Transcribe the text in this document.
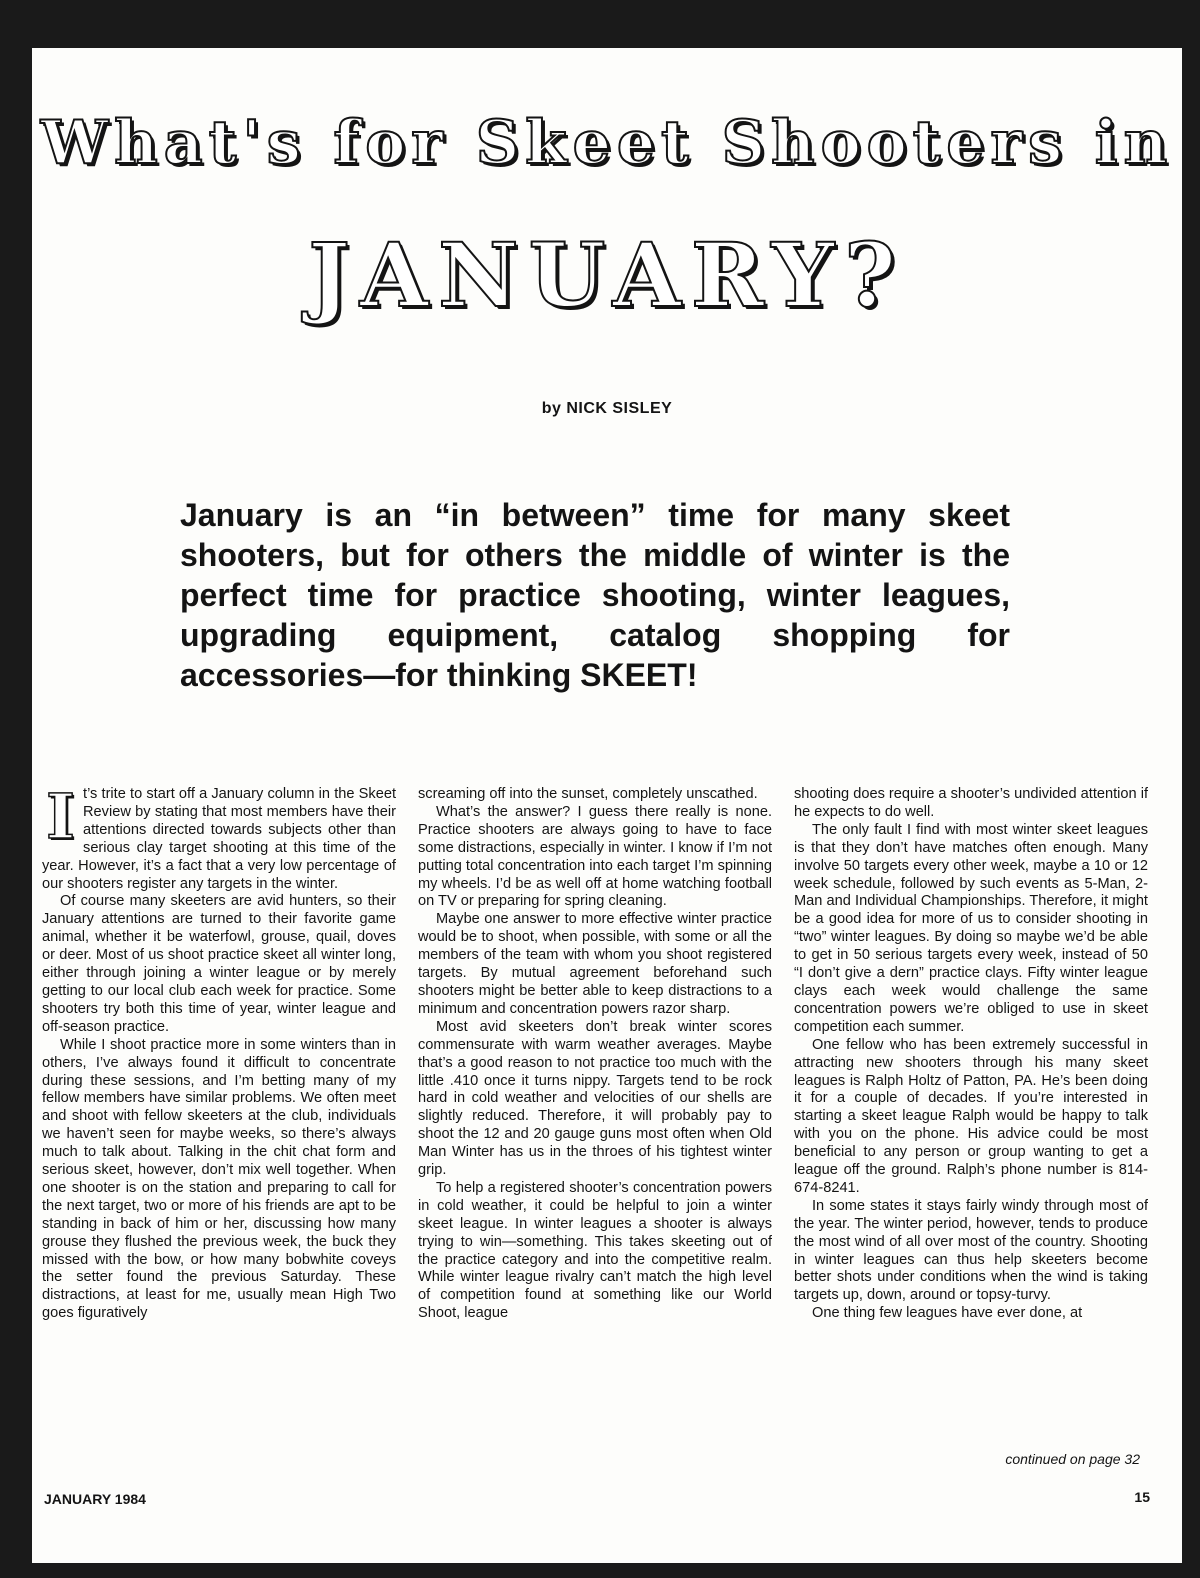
What's for Skeet Shooters in
JANUARY?
by NICK SISLEY
January is an “in between” time for many skeet shooters, but for others the middle of winter is the perfect time for practice shooting, winter leagues, upgrading equipment, catalog shopping for accessories—for thinking SKEET!

It’s trite to start off a January column in the Skeet Review by stating that most members have their attentions directed towards subjects other than serious clay target shooting at this time of the year. However, it’s a fact that a very low percentage of our shooters register any targets in the winter.

Of course many skeeters are avid hunters, so their January attentions are turned to their favorite game animal, whether it be waterfowl, grouse, quail, doves or deer. Most of us shoot practice skeet all winter long, either through joining a winter league or by merely getting to our local club each week for practice. Some shooters try both this time of year, winter league and off-season practice.

While I shoot practice more in some winters than in others, I’ve always found it difficult to concentrate during these sessions, and I’m betting many of my fellow members have similar problems. We often meet and shoot with fellow skeeters at the club, individuals we haven’t seen for maybe weeks, so there’s always much to talk about. Talking in the chit chat form and serious skeet, however, don’t mix well together. When one shooter is on the station and preparing to call for the next target, two or more of his friends are apt to be standing in back of him or her, discussing how many grouse they flushed the previous week, the buck they missed with the bow, or how many bobwhite coveys the setter found the previous Saturday. These distractions, at least for me, usually mean High Two goes figuratively

screaming off into the sunset, completely unscathed.

What’s the answer? I guess there really is none. Practice shooters are always going to have to face some distractions, especially in winter. I know if I’m not putting total concentration into each target I’m spinning my wheels. I’d be as well off at home watching football on TV or preparing for spring cleaning.

Maybe one answer to more effective winter practice would be to shoot, when possible, with some or all the members of the team with whom you shoot registered targets. By mutual agreement beforehand such shooters might be better able to keep distractions to a minimum and concentration powers razor sharp.

Most avid skeeters don’t break winter scores commensurate with warm weather averages. Maybe that’s a good reason to not practice too much with the little .410 once it turns nippy. Targets tend to be rock hard in cold weather and velocities of our shells are slightly reduced. Therefore, it will probably pay to shoot the 12 and 20 gauge guns most often when Old Man Winter has us in the throes of his tightest winter grip.

To help a registered shooter’s concentration powers in cold weather, it could be helpful to join a winter skeet league. In winter leagues a shooter is always trying to win—something. This takes skeeting out of the practice category and into the competitive realm. While winter league rivalry can’t match the high level of competition found at something like our World Shoot, league

shooting does require a shooter’s undivided attention if he expects to do well.

The only fault I find with most winter skeet leagues is that they don’t have matches often enough. Many involve 50 targets every other week, maybe a 10 or 12 week schedule, followed by such events as 5-Man, 2-Man and Individual Championships. Therefore, it might be a good idea for more of us to consider shooting in “two” winter leagues. By doing so maybe we’d be able to get in 50 serious targets every week, instead of 50 “I don’t give a dern” practice clays. Fifty winter league clays each week would challenge the same concentration powers we’re obliged to use in skeet competition each summer.

One fellow who has been extremely successful in attracting new shooters through his many skeet leagues is Ralph Holtz of Patton, PA. He’s been doing it for a couple of decades. If you’re interested in starting a skeet league Ralph would be happy to talk with you on the phone. His advice could be most beneficial to any person or group wanting to get a league off the ground. Ralph’s phone number is 814-674-8241.

In some states it stays fairly windy through most of the year. The winter period, however, tends to produce the most wind of all over most of the country. Shooting in winter leagues can thus help skeeters become better shots under conditions when the wind is taking targets up, down, around or topsy-turvy.

One thing few leagues have ever done, at

continued on page 32
JANUARY 1984	15
